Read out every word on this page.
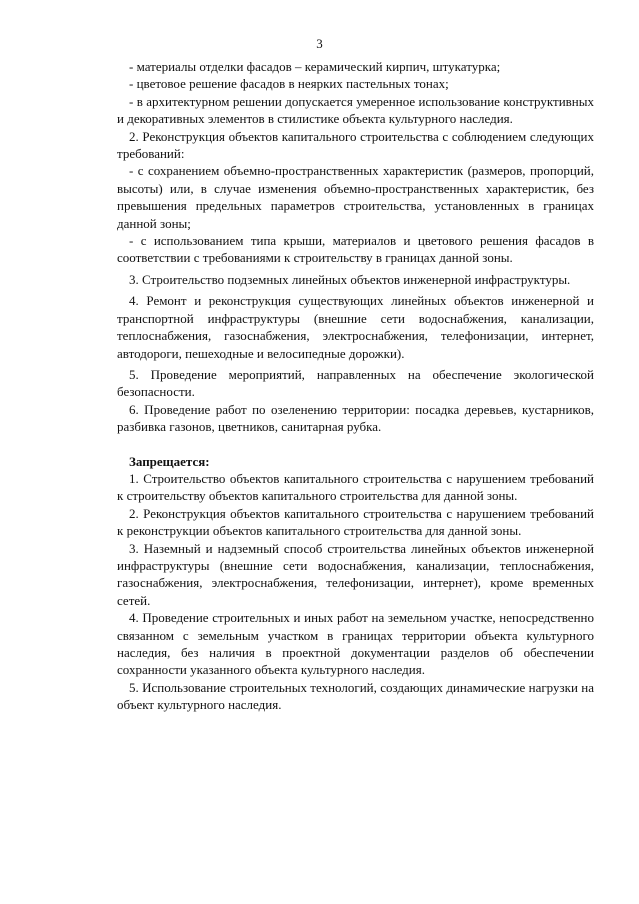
3

- материалы отделки фасадов – керамический кирпич, штукатурка;

- цветовое решение фасадов в неярких пастельных тонах;

- в архитектурном решении допускается умеренное использование конструктивных и декоративных элементов в стилистике объекта культурного наследия.

2. Реконструкция объектов капитального строительства с соблюдением следующих требований:

- с сохранением объемно-пространственных характеристик (размеров, пропорций, высоты) или, в случае изменения объемно-пространственных характеристик, без превышения предельных параметров строительства, установленных в границах данной зоны;

- с использованием типа крыши, материалов и цветового решения фасадов в соответствии с требованиями к строительству в границах данной зоны.

3. Строительство подземных линейных объектов инженерной инфраструктуры.

4. Ремонт и реконструкция существующих линейных объектов инженерной и транспортной инфраструктуры (внешние сети водоснабжения, канализации, теплоснабжения, газоснабжения, электроснабжения, телефонизации, интернет, автодороги, пешеходные и велосипедные дорожки).

5. Проведение мероприятий, направленных на обеспечение экологической безопасности.

6. Проведение работ по озеленению территории: посадка деревьев, кустарников, разбивка газонов, цветников, санитарная рубка.

Запрещается:

1. Строительство объектов капитального строительства с нарушением требований к строительству объектов капитального строительства для данной зоны.

2. Реконструкция объектов капитального строительства с нарушением требований к реконструкции объектов капитального строительства для данной зоны.

3. Наземный и надземный способ строительства линейных объектов инженерной инфраструктуры (внешние сети водоснабжения, канализации, теплоснабжения, газоснабжения, электроснабжения, телефонизации, интернет), кроме временных сетей.

4. Проведение строительных и иных работ на земельном участке, непосредственно связанном с земельным участком в границах территории объекта культурного наследия, без наличия в проектной документации разделов об обеспечении сохранности указанного объекта культурного наследия.

5. Использование строительных технологий, создающих динамические нагрузки на объект культурного наследия.
